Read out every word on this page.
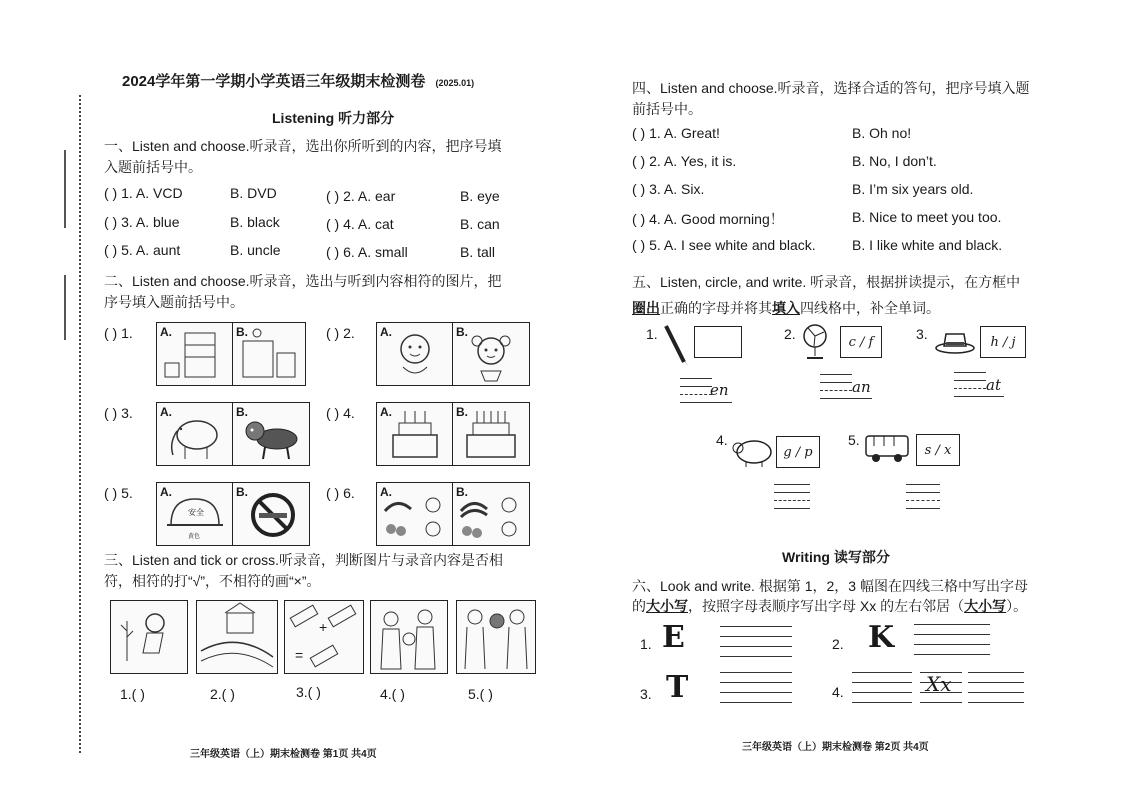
2024学年第一学期小学英语三年级期末检测卷 (2025.01)
Listening 听力部分
一、Listen and choose.听录音，选出你所听到的内容，把序号填
入题前括号中。
( ) 1. A. VCD	B. DVD	( ) 2. A. ear	B. eye
( ) 3. A. blue	B. black	( ) 4. A. cat	B. can
( ) 5. A. aunt	B. uncle	( ) 6. A. small	B. tall
二、Listen and choose.听录音，选出与听到内容相符的图片，把
序号填入题前括号中。
( ) 1. A.	B.	( ) 2. A.	B.
( ) 3. A.	B.	( ) 4. A.	B.
( ) 5. A.
安全
黄色
B.	( ) 6. A.	B.
三、Listen and tick or cross.听录音，判断图片与录音内容是否相
符，相符的打“√”，不相符的画“×”。
+
=
1.( )	2.( )	3.( )	4.( )	5.( )
三年级英语（上）期末检测卷 第1页 共4页
四、Listen and choose.听录音，选择合适的答句，把序号填入题
前括号中。
( ) 1. A. Great!	B. Oh no!
( ) 2. A. Yes, it is.	B. No, I don’t.
( ) 3. A. Six.	B. I’m six years old.
( ) 4. A. Good morning！	B. Nice to meet you too.
( ) 5. A. I see white and black.	B. I like white and black.
五、Listen, circle, and write. 听录音，根据拼读提示，在方框中
圈出正确的字母并将其填入四线格中，补全单词。
1.
en
2.	c / f
an
3.	h / j
at
4.
g / p
5.
s / x
Writing 读写部分
六、Look and write. 根据第 1，2，3 幅图在四线三格中写出字母
的大小写，按照字母表顺序写出字母 Xx 的左右邻居（大小写）。
1. E	2. K
3. T	4.	Xx
三年级英语（上）期末检测卷 第2页 共4页
